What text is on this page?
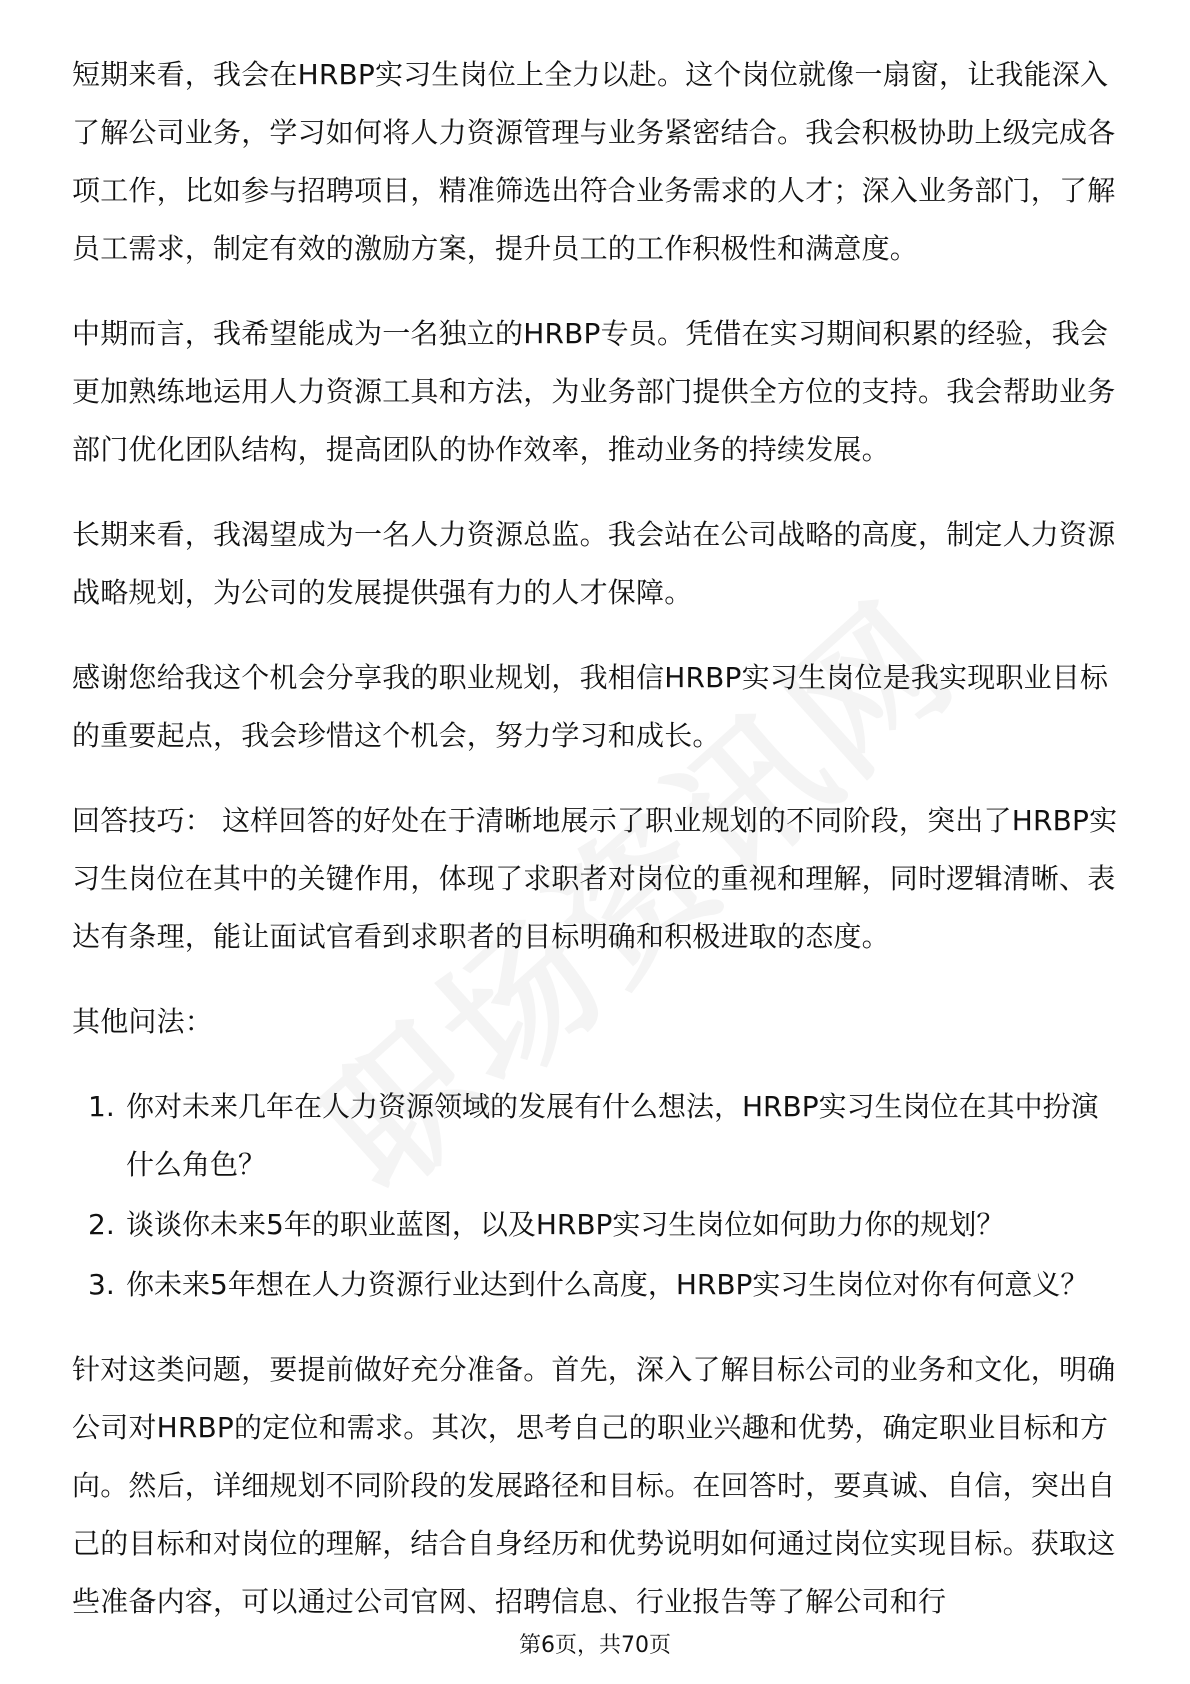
短期来看，我会在HRBP实习生岗位上全力以赴。这个岗位就像一扇窗，让我能深入了解公司业务，学习如何将人力资源管理与业务紧密结合。我会积极协助上级完成各项工作，比如参与招聘项目，精准筛选出符合业务需求的人才；深入业务部门，了解员工需求，制定有效的激励方案，提升员工的工作积极性和满意度。

中期而言，我希望能成为一名独立的HRBP专员。凭借在实习期间积累的经验，我会更加熟练地运用人力资源工具和方法，为业务部门提供全方位的支持。我会帮助业务部门优化团队结构，提高团队的协作效率，推动业务的持续发展。

长期来看，我渴望成为一名人力资源总监。我会站在公司战略的高度，制定人力资源战略规划，为公司的发展提供强有力的人才保障。

感谢您给我这个机会分享我的职业规划，我相信HRBP实习生岗位是我实现职业目标的重要起点，我会珍惜这个机会，努力学习和成长。

回答技巧： 这样回答的好处在于清晰地展示了职业规划的不同阶段，突出了HRBP实习生岗位在其中的关键作用，体现了求职者对岗位的重视和理解，同时逻辑清晰、表达有条理，能让面试官看到求职者的目标明确和积极进取的态度。

其他问法：

1. 你对未来几年在人力资源领域的发展有什么想法，HRBP实习生岗位在其中扮演什么角色？
2. 谈谈你未来5年的职业蓝图，以及HRBP实习生岗位如何助力你的规划？
3. 你未来5年想在人力资源行业达到什么高度，HRBP实习生岗位对你有何意义？

针对这类问题，要提前做好充分准备。首先，深入了解目标公司的业务和文化，明确公司对HRBP的定位和需求。其次，思考自己的职业兴趣和优势，确定职业目标和方向。然后，详细规划不同阶段的发展路径和目标。在回答时，要真诚、自信，突出自己的目标和对岗位的理解，结合自身经历和优势说明如何通过岗位实现目标。获取这些准备内容，可以通过公司官网、招聘信息、行业报告等了解公司和行

第6页，共70页
